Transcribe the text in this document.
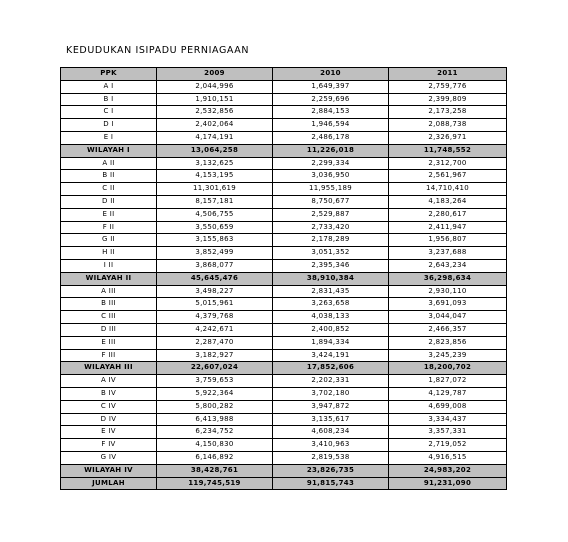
KEDUDUKAN ISIPADU PERNIAGAAN
PPK	2009	2010	2011
A I	2,044,996	1,649,397	2,759,776
B I	1,910,151	2,259,696	2,399,809
C I	2,532,856	2,884,153	2,173,258
D I	2,402,064	1,946,594	2,088,738
E I	4,174,191	2,486,178	2,326,971
WILAYAH I	13,064,258	11,226,018	11,748,552
A II	3,132,625	2,299,334	2,312,700
B II	4,153,195	3,036,950	2,561,967
C II	11,301,619	11,955,189	14,710,410
D II	8,157,181	8,750,677	4,183,264
E II	4,506,755	2,529,887	2,280,617
F II	3,550,659	2,733,420	2,411,947
G II	3,155,863	2,178,289	1,956,807
H II	3,852,499	3,051,352	3,237,688
I II	3,868,077	2,395,346	2,643,234
WILAYAH II	45,645,476	38,910,384	36,298,634
A III	3,498,227	2,831,435	2,930,110
B III	5,015,961	3,263,658	3,691,093
C III	4,379,768	4,038,133	3,044,047
D III	4,242,671	2,400,852	2,466,357
E III	2,287,470	1,894,334	2,823,856
F III	3,182,927	3,424,191	3,245,239
WILAYAH III	22,607,024	17,852,606	18,200,702
A IV	3,759,653	2,202,331	1,827,072
B IV	5,922,364	3,702,180	4,129,787
C IV	5,800,282	3,947,872	4,699,008
D IV	6,413,988	3,135,617	3,334,437
E IV	6,234,752	4,608,234	3,357,331
F IV	4,150,830	3,410,963	2,719,052
G IV	6,146,892	2,819,538	4,916,515
WILAYAH IV	38,428,761	23,826,735	24,983,202
JUMLAH	119,745,519	91,815,743	91,231,090
